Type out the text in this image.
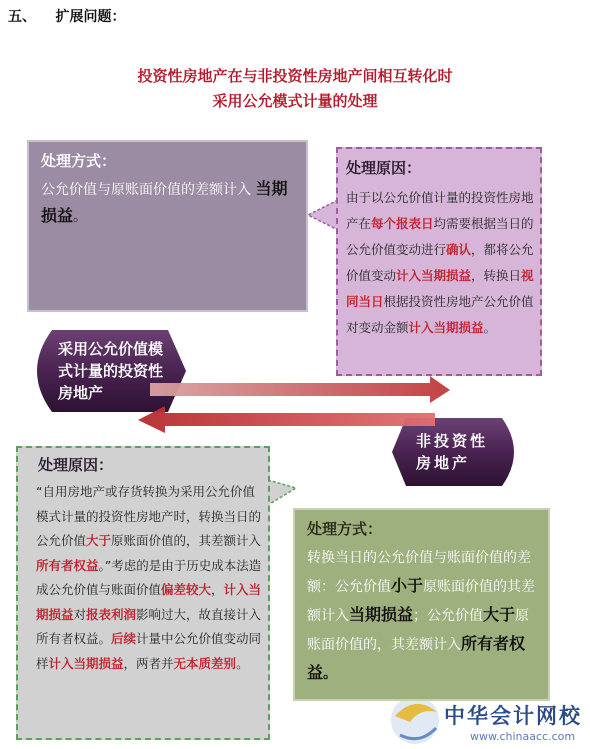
五、    扩展问题：
投资性房地产在与非投资性房地产间相互转化时
采用公允模式计量的处理
采用公允价值模式计量的投资性房地产
非投资性房地产
处理方式：
公允价值与原账面价值的差额计入 当期损益。
处理原因：
由于以公允价值计量的投资性房地产在每个报表日均需要根据当日的公允价值变动进行确认，都将公允价值变动计入当期损益，转换日视同当日根据投资性房地产公允价值对变动金额计入当期损益。
处理原因：
“自用房地产或存货转换为采用公允价值模式计量的投资性房地产时，转换当日的公允价值大于原账面价值的，其差额计入所有者权益。”考虑的是由于历史成本法造成公允价值与账面价值偏差较大，计入当期损益对报表利润影响过大，故直接计入所有者权益。后续计量中公允价值变动同样计入当期损益，两者并无本质差别。
处理方式：
转换当日的公允价值与账面价值的差额：公允价值小于原账面价值的其差额计入当期损益；公允价值大于原账面价值的，其差额计入所有者权益。
中华会计网校
www.chinaacc.com
